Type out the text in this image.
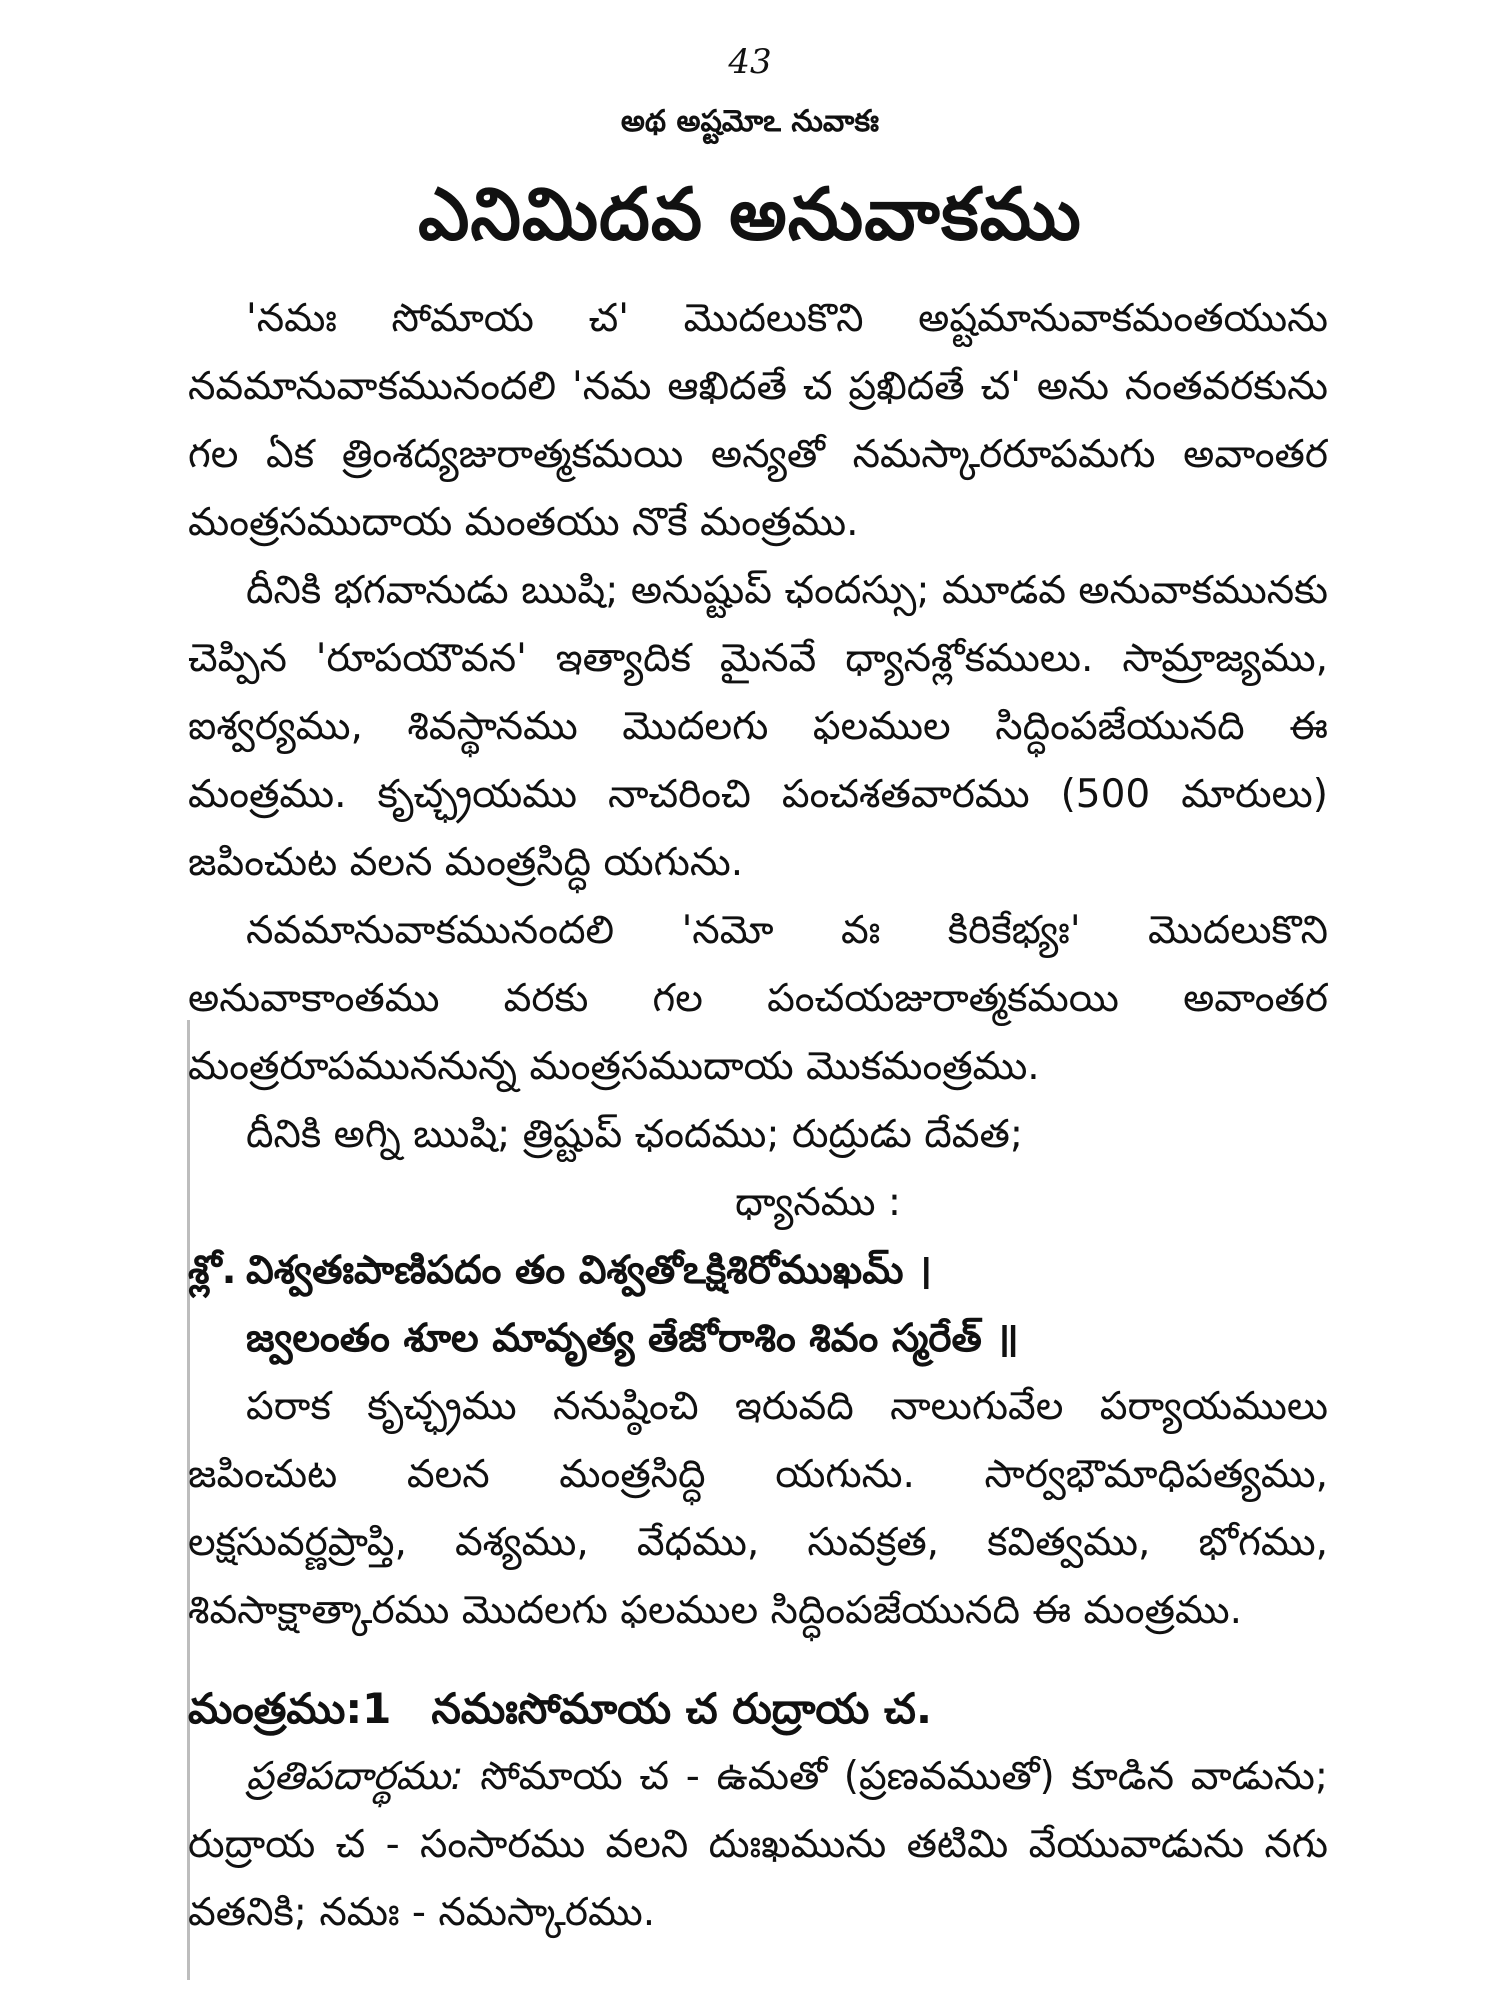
43
అథ అష్టమోఽ నువాకః
ఎనిమిదవ అనువాకము

'నమః సోమాయ చ' మొదలుకొని అష్టమానువాకమంతయును నవమానువాకమునందలి 'నమ ఆఖిదతే చ ప్రఖిదతే చ' అను నంతవరకును గల ఏక త్రింశద్యజురాత్మకమయి అన్యతో నమస్కారరూపమగు అవాంతర మంత్రసముదాయ మంతయు నొకే మంత్రము.

దీనికి భగవానుడు ఋషి; అనుష్టుప్ ఛందస్సు; మూడవ అనువాకమునకు చెప్పిన 'రూపయౌవన' ఇత్యాదిక మైనవే ధ్యానశ్లోకములు. సామ్రాజ్యము, ఐశ్వర్యము, శివస్థానము మొదలగు ఫలముల సిద్ధింపజేయునది ఈ మంత్రము. కృచ్ఛ్రయము నాచరించి పంచశతవారము (500 మారులు) జపించుట వలన మంత్రసిద్ధి యగును.

నవమానువాకమునందలి 'నమో వః కిరికేభ్యః' మొదలుకొని అనువాకాంతము వరకు గల పంచయజురాత్మకమయి అవాంతర మంత్రరూపముననున్న మంత్రసముదాయ మొకమంత్రము.

దీనికి అగ్ని ఋషి; త్రిష్టుప్ ఛందము; రుద్రుడు దేవత;

ధ్యానము :

శ్లో. విశ్వతఃపాణిపదం తం విశ్వతోఽక్షిశిరోముఖమ్ ।

జ్వలంతం శూల మావృత్య తేజోరాశిం శివం స్మరేత్ ॥

పరాక కృచ్ఛ్రము ననుష్ఠించి ఇరువది నాలుగువేల పర్యాయములు జపించుట వలన మంత్రసిద్ధి యగును. సార్వభౌమాధిపత్యము, లక్షసువర్ణప్రాప్తి, వశ్యము, వేధము, సువక్రత, కవిత్వము, భోగము, శివసాక్షాత్కారము మొదలగు ఫలముల సిద్ధింపజేయునది ఈ మంత్రము.

మంత్రము:1 నమఃసోమాయ చ రుద్రాయ చ.

ప్రతిపదార్థము: సోమాయ చ - ఉమతో (ప్రణవముతో) కూడిన వాడును; రుద్రాయ చ - సంసారము వలని దుఃఖమును తటిమి వేయువాడును నగు వతనికి; నమః - నమస్కారము.
